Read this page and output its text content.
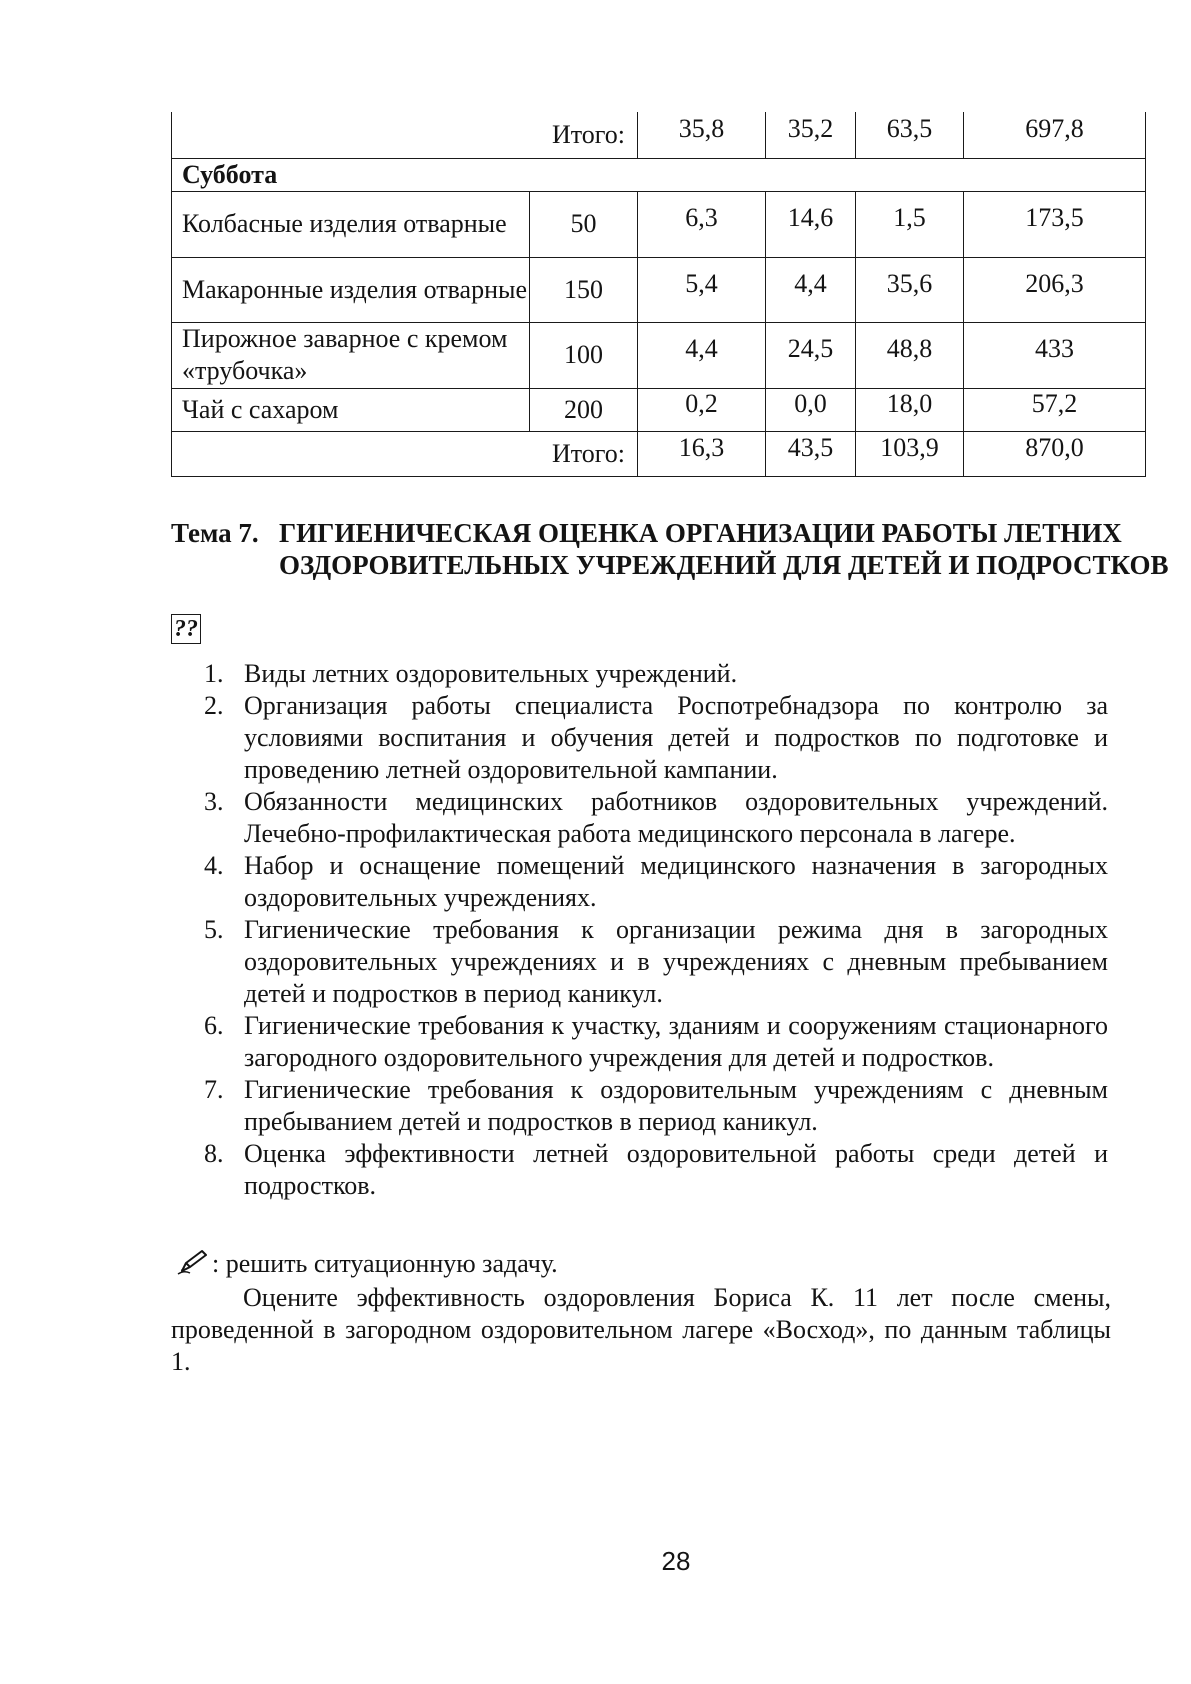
Итого:		35,8	35,2	63,5	697,8
Суббота					
Колбасные изделия отварные	50	6,3	14,6	1,5	173,5
Макаронные изделия отварные	150	5,4	4,4	35,6	206,3
Пирожное заварное с кремом «трубочка»	100	4,4	24,5	48,8	433
Чай с сахаром	200	0,2	0,0	18,0	57,2
Итого:		16,3	43,5	103,9	870,0
Тема 7. ГИГИЕНИЧЕСКАЯ ОЦЕНКА ОРГАНИЗАЦИИ РАБОТЫ ЛЕТНИХ ОЗДОРОВИТЕЛЬНЫХ УЧРЕЖДЕНИЙ ДЛЯ ДЕТЕЙ И ПОДРОСТКОВ
??
1. Виды летних оздоровительных учреждений.
2. Организация работы специалиста Роспотребнадзора по контролю за условиями воспитания и обучения детей и подростков по подготовке и проведению летней оздоровительной кампании.
3. Обязанности медицинских работников оздоровительных учреждений. Лечебно-профилактическая работа медицинского персонала в лагере.
4. Набор и оснащение помещений медицинского назначения в загородных оздоровительных учреждениях.
5. Гигиенические требования к организации режима дня в загородных оздоровительных учреждениях и в учреждениях с дневным пребыванием детей и подростков в период каникул.
6. Гигиенические требования к участку, зданиям и сооружениям стационарного загородного оздоровительного учреждения для детей и подростков.
7. Гигиенические требования к оздоровительным учреждениям с дневным пребыванием детей и подростков в период каникул.
8. Оценка эффективности летней оздоровительной работы среди детей и подростков.
: решить ситуационную задачу.
Оцените эффективность оздоровления Бориса К. 11 лет после смены, проведенной в загородном оздоровительном лагере «Восход», по данным таблицы 1.
28
